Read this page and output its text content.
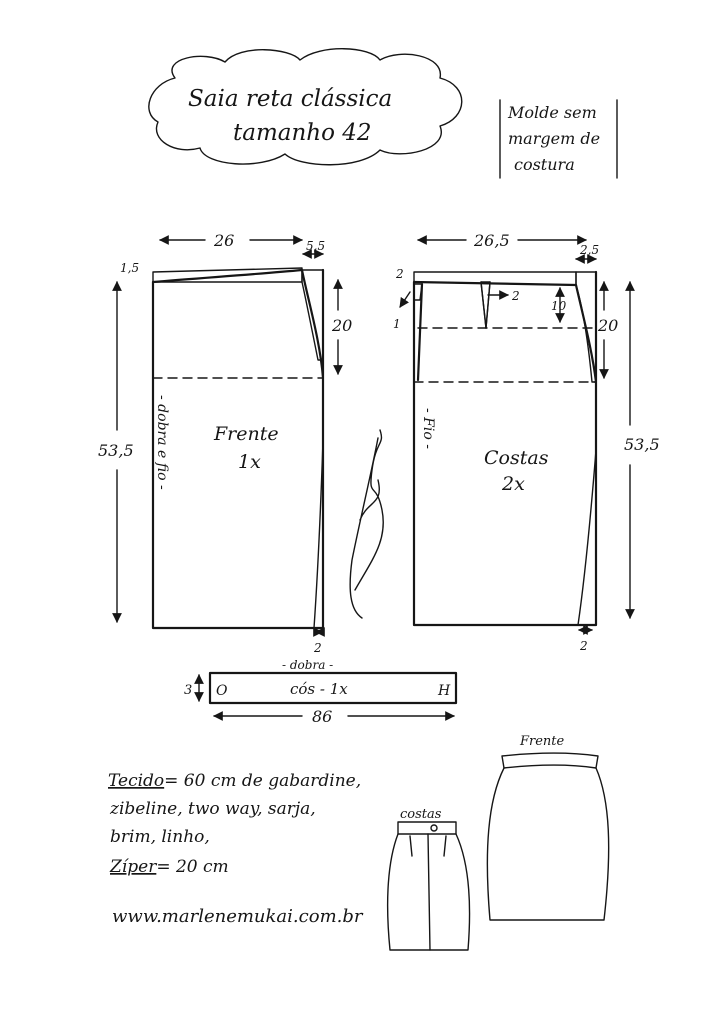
Saia reta clássica
tamanho 42
Molde sem
margem de
costura
26	5,5
1,5
- dobra e fio - Frente
1x
53,5
20
2
26,5	2,5
2
1
2
10
- Fio -
Costas
2x
20
53,5
2
- dobra -
O	H
cós - 1x
3
86
Tecido= 60 cm de gabardine,
zibeline, two way, sarja,
brim, linho,
Zíper= 20 cm
www.marlenemukai.com.br
costas
Frente
